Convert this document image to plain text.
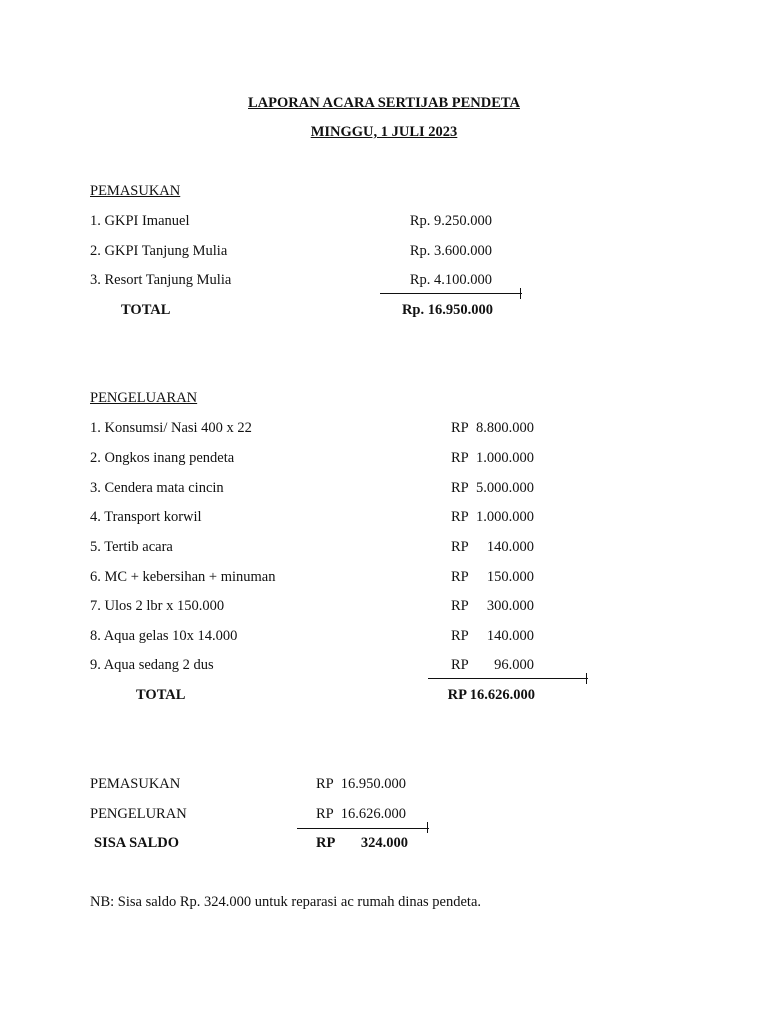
LAPORAN ACARA SERTIJAB PENDETA
MINGGU, 1 JULI 2023
PEMASUKAN
1. GKPI Imanuel	Rp. 9.250.000
2. GKPI Tanjung Mulia	Rp. 3.600.000
3. Resort Tanjung Mulia	Rp. 4.100.000
TOTAL	Rp. 16.950.000
PENGELUARAN
1. Konsumsi/ Nasi 400 x 22	RP 8.800.000
2. Ongkos inang pendeta	RP 1.000.000
3. Cendera mata cincin	RP 5.000.000
4. Transport korwil	RP 1.000.000
5. Tertib acara	RP	140.000
6. MC + kebersihan + minuman	RP	150.000
7. Ulos 2 lbr x 150.000	RP	300.000
8. Aqua gelas 10x 14.000	RP	140.000
9. Aqua sedang 2 dus	RP	96.000
TOTAL	RP 16.626.000
PEMASUKAN	RP 16.950.000
PENGELURAN	RP 16.626.000
SISA SALDO	RP	324.000
NB: Sisa saldo Rp. 324.000 untuk reparasi ac rumah dinas pendeta.
